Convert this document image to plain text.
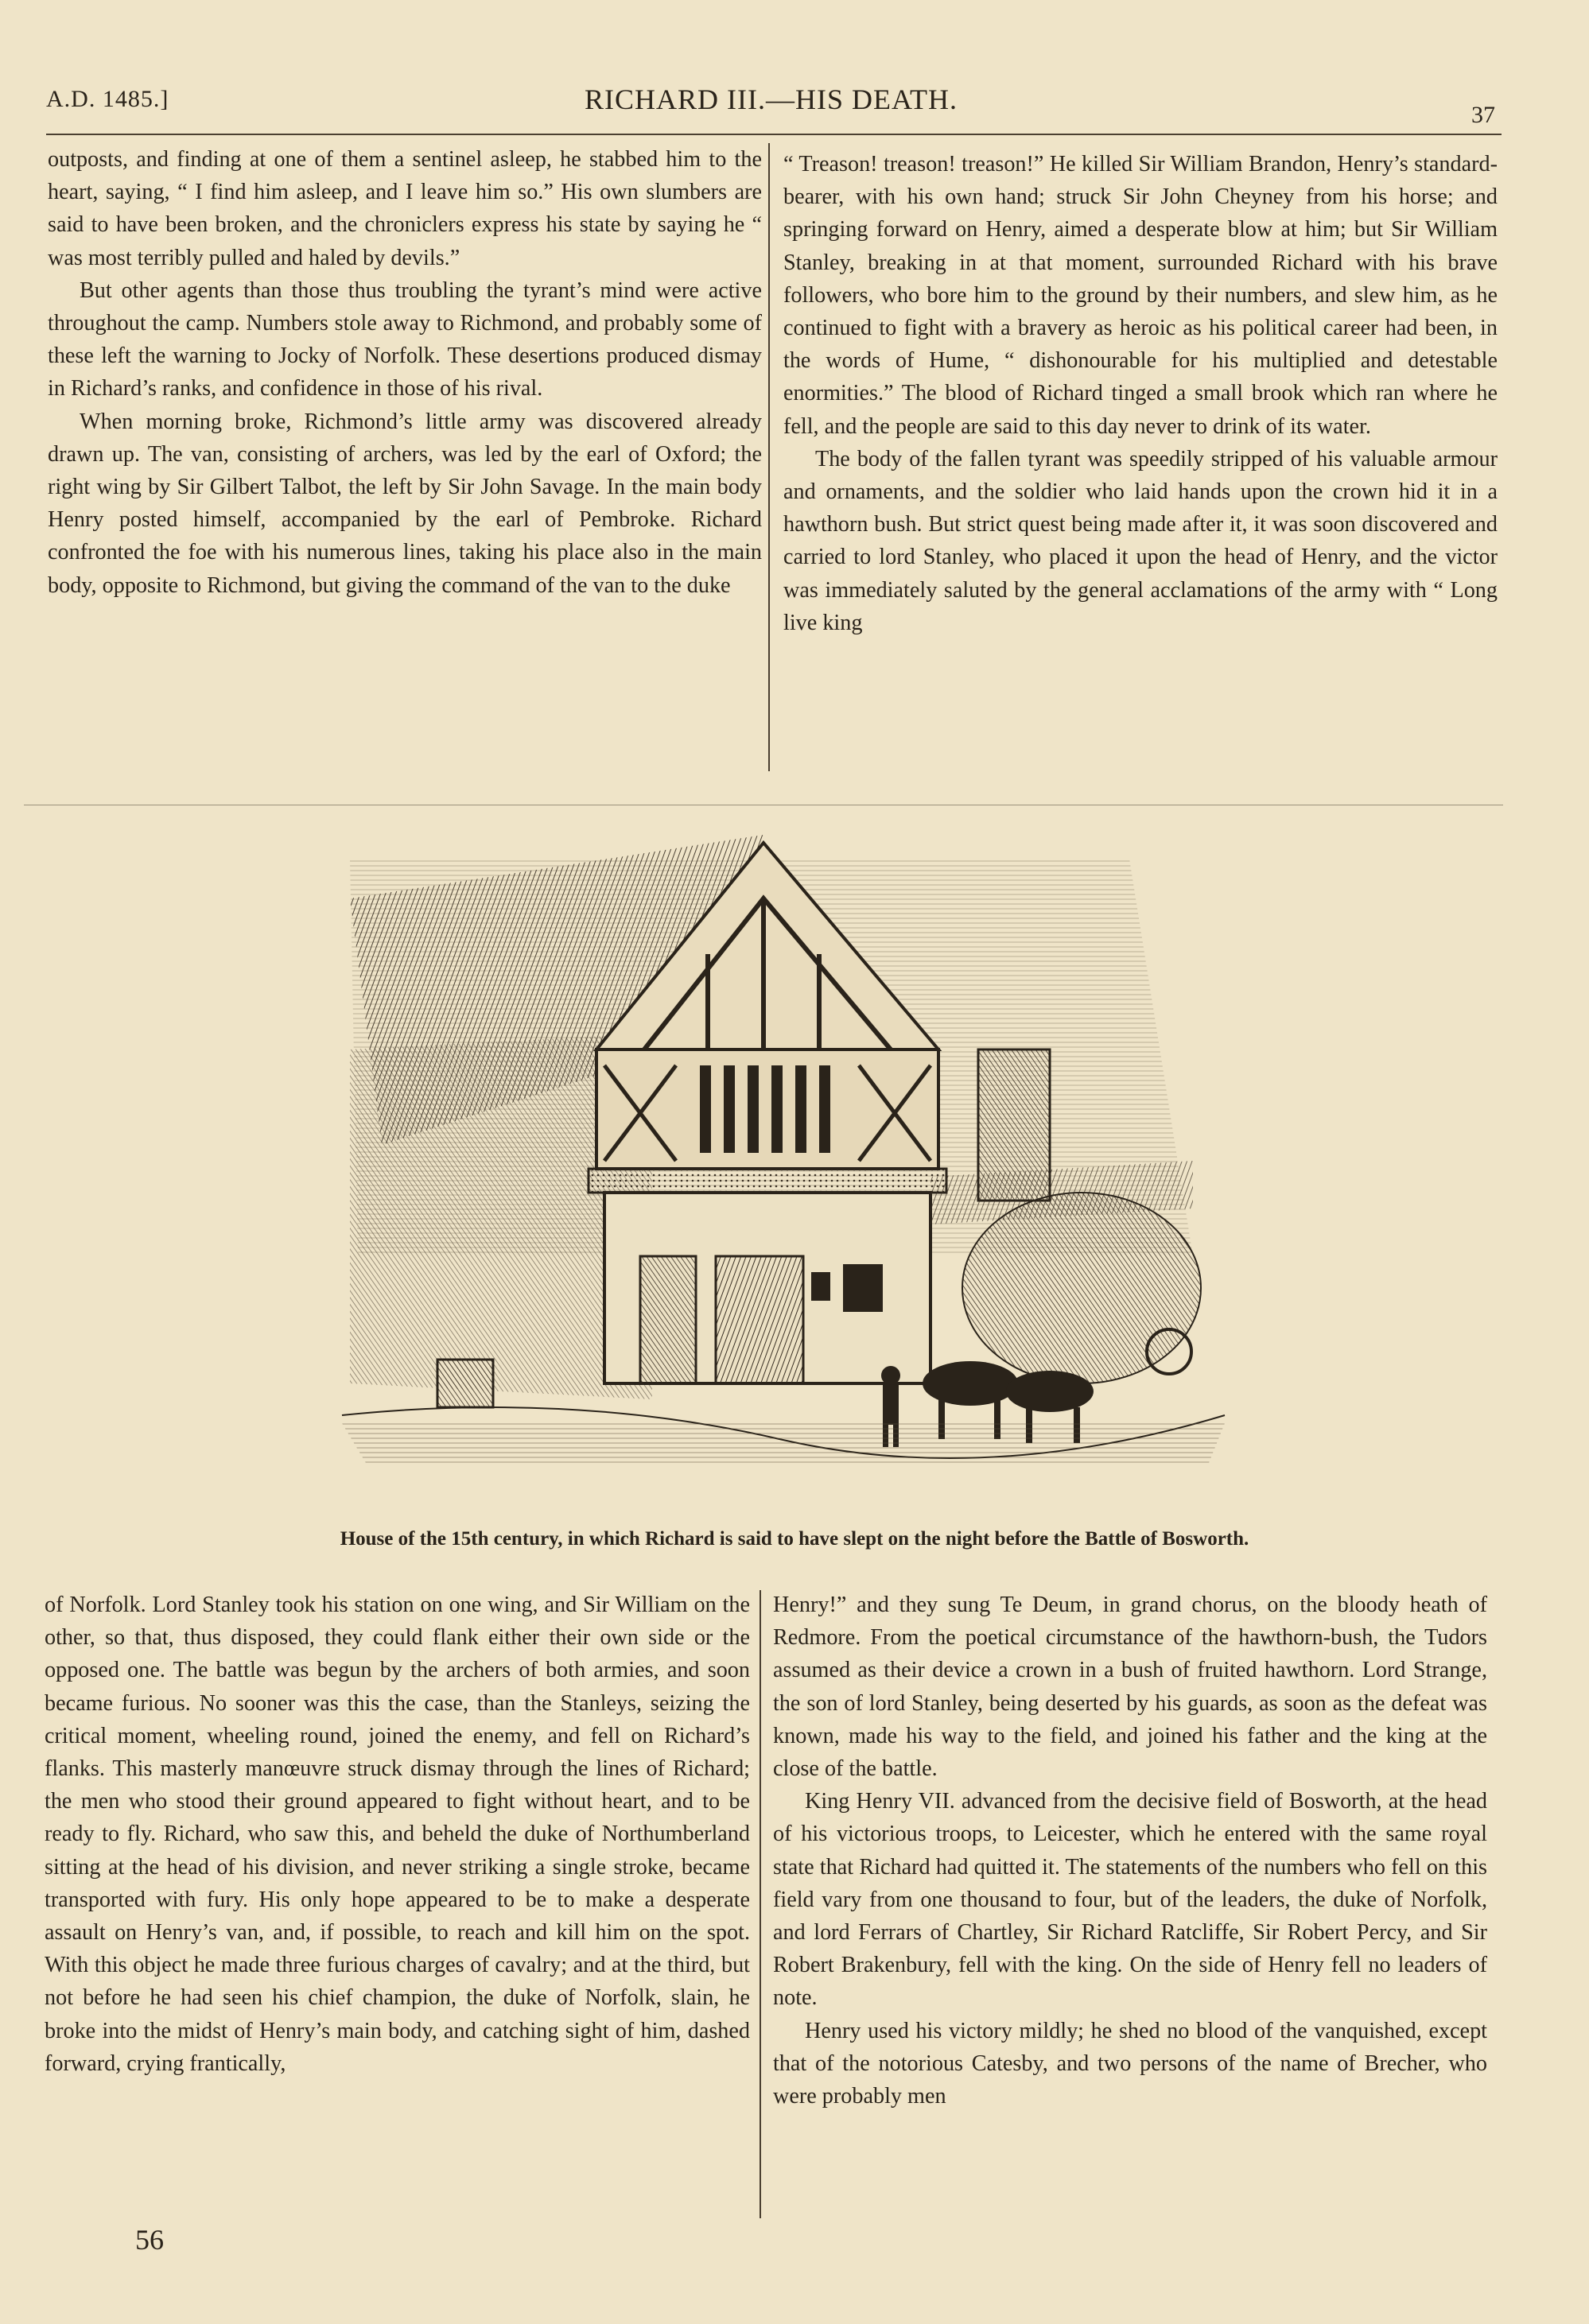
A.D. 1485.]	RICHARD III.—HIS DEATH.	37

outposts, and finding at one of them a sentinel asleep, he stabbed him to the heart, saying, “ I find him asleep, and I leave him so.” His own slumbers are said to have been broken, and the chroniclers express his state by saying he “ was most terribly pulled and haled by devils.”

But other agents than those thus troubling the tyrant’s mind were active throughout the camp. Numbers stole away to Richmond, and probably some of these left the warning to Jocky of Norfolk. These desertions produced dismay in Richard’s ranks, and confidence in those of his rival.

When morning broke, Richmond’s little army was discovered already drawn up. The van, consisting of archers, was led by the earl of Oxford; the right wing by Sir Gilbert Talbot, the left by Sir John Savage. In the main body Henry posted himself, accompanied by the earl of Pembroke. Richard confronted the foe with his numerous lines, taking his place also in the main body, opposite to Richmond, but giving the command of the van to the duke

“ Treason! treason! treason!” He killed Sir William Brandon, Henry’s standard-bearer, with his own hand; struck Sir John Cheyney from his horse; and springing forward on Henry, aimed a desperate blow at him; but Sir William Stanley, breaking in at that moment, surrounded Richard with his brave followers, who bore him to the ground by their numbers, and slew him, as he continued to fight with a bravery as heroic as his political career had been, in the words of Hume, “ dishonourable for his multiplied and detestable enormities.” The blood of Richard tinged a small brook which ran where he fell, and the people are said to this day never to drink of its water.

The body of the fallen tyrant was speedily stripped of his valuable armour and ornaments, and the soldier who laid hands upon the crown hid it in a hawthorn bush. But strict quest being made after it, it was soon discovered and carried to lord Stanley, who placed it upon the head of Henry, and the victor was immediately saluted by the general acclamations of the army with “ Long live king

House of the 15th century, in which Richard is said to have slept on the night before the Battle of Bosworth.

of Norfolk. Lord Stanley took his station on one wing, and Sir William on the other, so that, thus disposed, they could flank either their own side or the opposed one. The battle was begun by the archers of both armies, and soon became furious. No sooner was this the case, than the Stanleys, seizing the critical moment, wheeling round, joined the enemy, and fell on Richard’s flanks. This masterly manœuvre struck dismay through the lines of Richard; the men who stood their ground appeared to fight without heart, and to be ready to fly. Richard, who saw this, and beheld the duke of Northumberland sitting at the head of his division, and never striking a single stroke, became transported with fury. His only hope appeared to be to make a desperate assault on Henry’s van, and, if possible, to reach and kill him on the spot. With this object he made three furious charges of cavalry; and at the third, but not before he had seen his chief champion, the duke of Norfolk, slain, he broke into the midst of Henry’s main body, and catching sight of him, dashed forward, crying frantically,

Henry!” and they sung Te Deum, in grand chorus, on the bloody heath of Redmore. From the poetical circumstance of the hawthorn-bush, the Tudors assumed as their device a crown in a bush of fruited hawthorn. Lord Strange, the son of lord Stanley, being deserted by his guards, as soon as the defeat was known, made his way to the field, and joined his father and the king at the close of the battle.

King Henry VII. advanced from the decisive field of Bosworth, at the head of his victorious troops, to Leicester, which he entered with the same royal state that Richard had quitted it. The statements of the numbers who fell on this field vary from one thousand to four, but of the leaders, the duke of Norfolk, and lord Ferrars of Chartley, Sir Richard Ratcliffe, Sir Robert Percy, and Sir Robert Brakenbury, fell with the king. On the side of Henry fell no leaders of note.

Henry used his victory mildly; he shed no blood of the vanquished, except that of the notorious Catesby, and two persons of the name of Brecher, who were probably men

56
